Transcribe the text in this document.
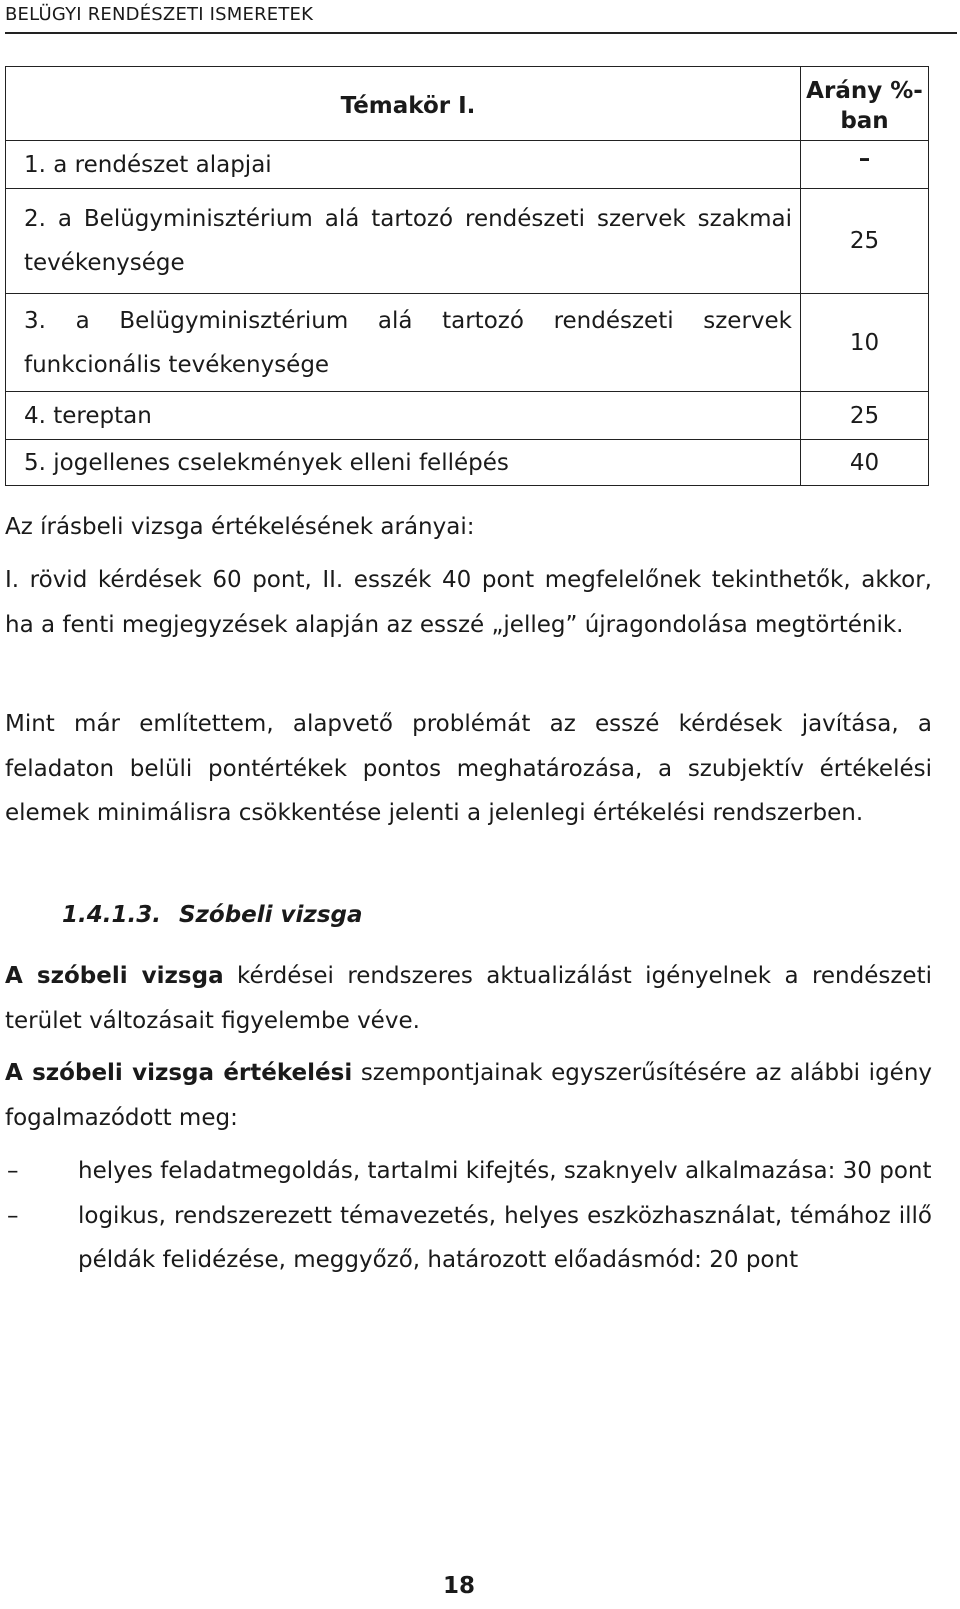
BELÜGYI RENDÉSZETI ISMERETEK
Témakör I.	Arány %-ban
1. a rendészet alapjai	–
2. a Belügyminisztérium alá tartozó rendészeti szervek szakmai tevékenysége	25
3. a Belügyminisztérium alá tartozó rendészeti szervek funkcionális tevékenysége	10
4. tereptan	25
5. jogellenes cselekmények elleni fellépés	40

Az írásbeli vizsga értékelésének arányai:

I. rövid kérdések 60 pont, II. esszék 40 pont megfelelőnek tekinthetők, akkor, ha a fenti megjegyzések alapján az esszé „jelleg” újragondolása megtörténik.

Mint már említettem, alapvető problémát az esszé kérdések javítása, a feladaton belüli pontértékek pontos meghatározása, a szubjektív értékelési elemek minimálisra csökkentése jelenti a jelenlegi értékelési rendszerben.

1.4.1.3. Szóbeli vizsga

A szóbeli vizsga kérdései rendszeres aktualizálást igényelnek a rendészeti terület változásait figyelembe véve.

A szóbeli vizsga értékelési szempontjainak egyszerűsítésére az alábbi igény fogalmazódott meg:

–	helyes feladatmegoldás, tartalmi kifejtés, szaknyelv alkalmazása: 30 pont
–	logikus, rendszerezett témavezetés, helyes eszközhasználat, témához illő példák felidézése, meggyőző, határozott előadásmód: 20 pont
18
